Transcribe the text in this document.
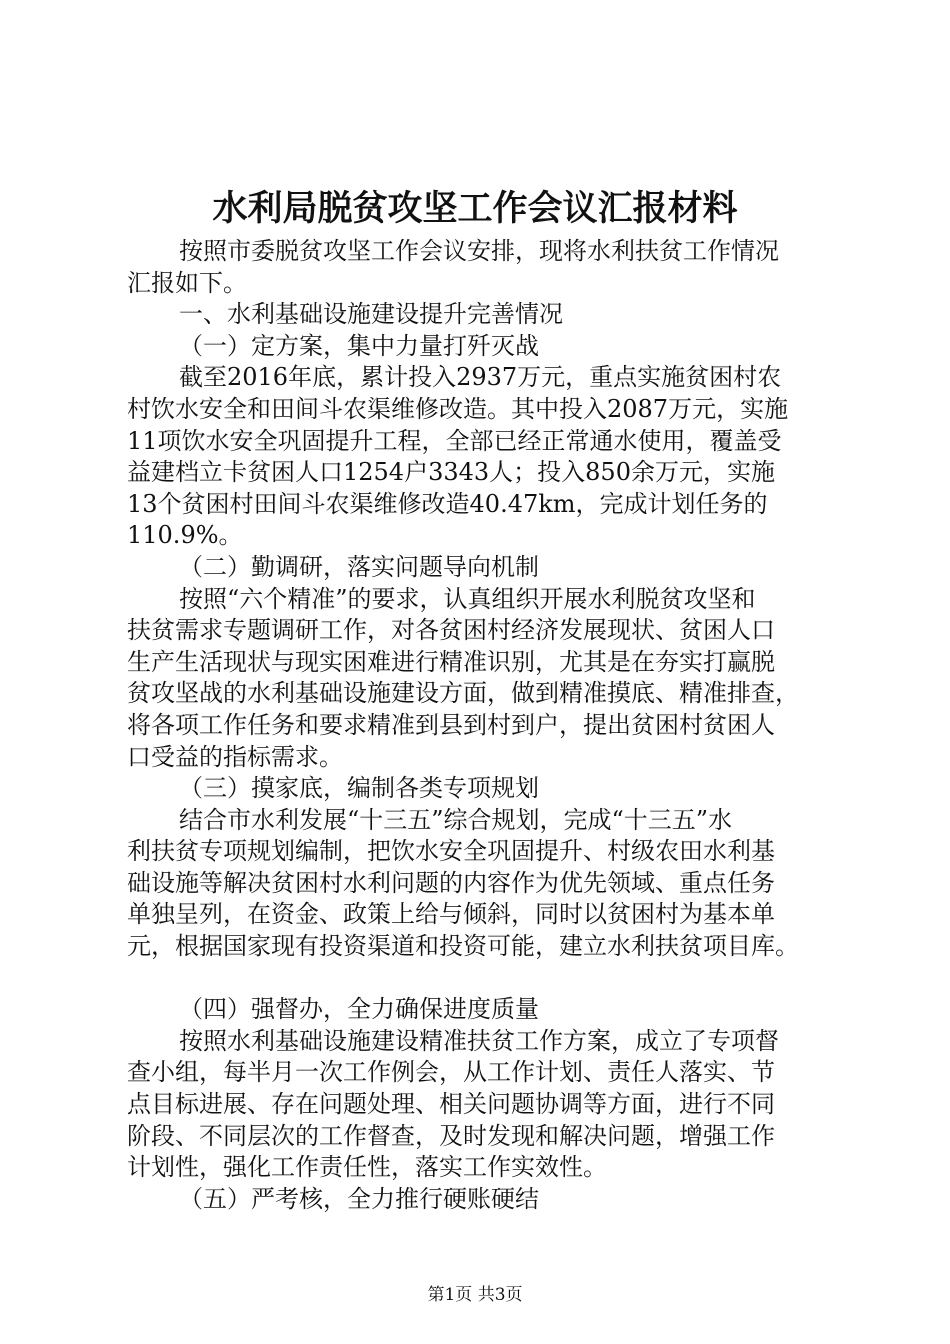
水利局脱贫攻坚工作会议汇报材料
按照市委脱贫攻坚工作会议安排，现将水利扶贫工作情况
汇报如下。
一、水利基础设施建设提升完善情况
（一）定方案，集中力量打歼灭战
截至2016年底，累计投入2937万元，重点实施贫困村农
村饮水安全和田间斗农渠维修改造。其中投入2087万元，实施
11项饮水安全巩固提升工程，全部已经正常通水使用，覆盖受
益建档立卡贫困人口1254户3343人；投入850余万元，实施
13个贫困村田间斗农渠维修改造40.47km，完成计划任务的
110.9%。
（二）勤调研，落实问题导向机制
按照“六个精准”的要求，认真组织开展水利脱贫攻坚和
扶贫需求专题调研工作，对各贫困村经济发展现状、贫困人口
生产生活现状与现实困难进行精准识别，尤其是在夯实打赢脱
贫攻坚战的水利基础设施建设方面，做到精准摸底、精准排查，
将各项工作任务和要求精准到县到村到户，提出贫困村贫困人
口受益的指标需求。
（三）摸家底，编制各类专项规划
结合市水利发展“十三五”综合规划，完成“十三五”水
利扶贫专项规划编制，把饮水安全巩固提升、村级农田水利基
础设施等解决贫困村水利问题的内容作为优先领域、重点任务
单独呈列，在资金、政策上给与倾斜，同时以贫困村为基本单
元，根据国家现有投资渠道和投资可能，建立水利扶贫项目库。
（四）强督办，全力确保进度质量
按照水利基础设施建设精准扶贫工作方案，成立了专项督
查小组，每半月一次工作例会，从工作计划、责任人落实、节
点目标进展、存在问题处理、相关问题协调等方面，进行不同
阶段、不同层次的工作督查，及时发现和解决问题，增强工作
计划性，强化工作责任性，落实工作实效性。
（五）严考核，全力推行硬账硬结
第1页 共3页
